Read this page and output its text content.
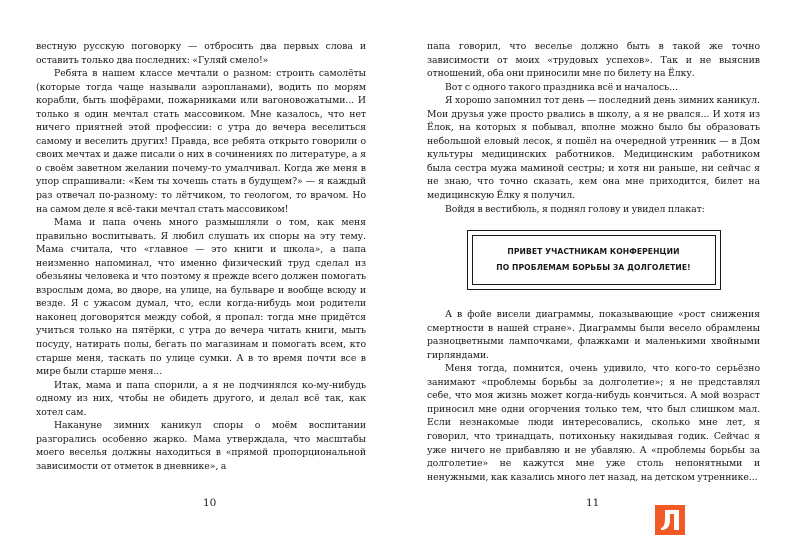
вестную русскую поговорку — отбросить два первых слова и оставить только два последних: «Гуляй смело!»

Ребята в нашем классе мечтали о разном: строить самолёты (которые тогда чаще называли аэропланами), водить по морям корабли, быть шофёрами, пожарниками или вагоновожатыми... И только я один мечтал стать массовиком. Мне казалось, что нет ничего приятней этой профессии: с утра до вечера веселиться самому и веселить других! Правда, все ребята открыто говорили о своих мечтах и даже писали о них в сочинениях по литературе, а я о своём заветном желании почему-то умалчивал. Когда же меня в упор спрашивали: «Кем ты хочешь стать в будущем?» — я каждый раз отвечал по-разному: то лётчиком, то геологом, то врачом. Но на самом деле я всё-таки мечтал стать массовиком!

Мама и папа очень много размышляли о том, как меня правильно воспитывать. Я любил слушать их споры на эту тему. Мама считала, что «главное — это книги и школа», а папа неизменно напоминал, что именно физический труд сделал из обезьяны человека и что поэтому я прежде всего должен помогать взрослым дома, во дворе, на улице, на бульваре и вообще всюду и везде. Я с ужасом думал, что, если когда-нибудь мои родители наконец договорятся между собой, я пропал: тогда мне придётся учиться только на пятёрки, с утра до вечера читать книги, мыть посуду, натирать полы, бегать по магазинам и помогать всем, кто старше меня, таскать по улице сумки. А в то время почти все в мире были старше меня...

Итак, мама и папа спорили, а я не подчинялся ко-му-нибудь одному из них, чтобы не обидеть другого, и делал всё так, как хотел сам.

Накануне зимних каникул споры о моём воспитании разгорались особенно жарко. Мама утверждала, что масштабы моего веселья должны находиться в «прямой пропорциональной зависимости от отметок в дневнике», а

10

папа говорил, что веселье должно быть в такой же точно зависимости от моих «трудовых успехов». Так и не выяснив отношений, оба они приносили мне по билету на Ёлку.

Вот с одного такого праздника всё и началось...

Я хорошо запомнил тот день — последний день зимних каникул. Мои друзья уже просто рвались в школу, а я не рвался... И хотя из Ёлок, на которых я побывал, вполне можно было бы образовать небольшой еловый лесок, я пошёл на очередной утренник — в Дом культуры медицинских работников. Медицинским работником была сестра мужа маминой сестры; и хотя ни раньше, ни сейчас я не знаю, что точно сказать, кем она мне приходится, билет на медицинскую Ёлку я получил.

Войдя в вестибюль, я поднял голову и увидел плакат:

ПРИВЕТ УЧАСТНИКАМ КОНФЕРЕНЦИИ
ПО ПРОБЛЕМАМ БОРЬБЫ ЗА ДОЛГОЛЕТИЕ!

А в фойе висели диаграммы, показывающие «рост снижения смертности в нашей стране». Диаграммы были весело обрамлены разноцветными лампочками, флажками и маленькими хвойными гирляндами.

Меня тогда, помнится, очень удивило, что кого-то серьёзно занимают «проблемы борьбы за долголетие»; я не представлял себе, что моя жизнь может когда-нибудь кончиться. А мой возраст приносил мне одни огорчения только тем, что был слишком мал. Если незнакомые люди интересовались, сколько мне лет, я говорил, что тринадцать, потихоньку накидывая годик. Сейчас я уже ничего не прибавляю и не убавляю. А «проблемы борьбы за долголетие» не кажутся мне уже столь непонятными и ненужными, как казались много лет назад, на детском утреннике...

11
